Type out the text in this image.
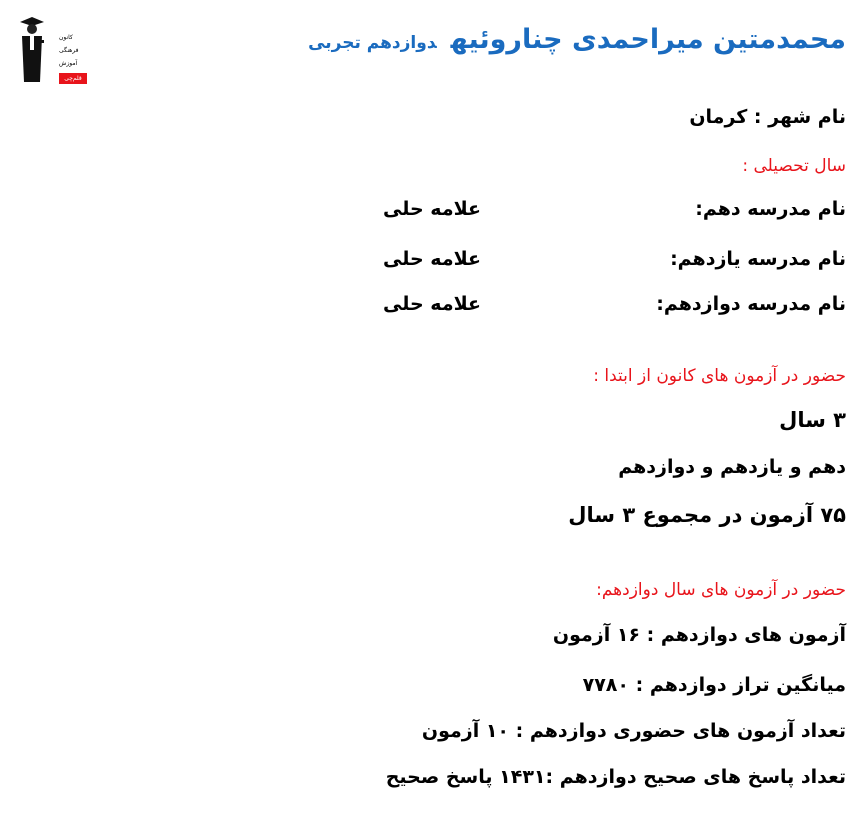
کانون
فرهنگی
آموزش
قلم‌چی
محمدمتین میراحمدی چناروئیهدوازدهم تجربی
نام شهر : کرمان
سال تحصیلی :
نام مدرسه دهم:علامه حلی
نام مدرسه یازدهم:علامه حلی
نام مدرسه دوازدهم:علامه حلی
حضور در آزمون های کانون از ابتدا :
۳ سال
دهم و یازدهم و دوازدهم
۷۵ آزمون در مجموع ۳ سال
حضور در آزمون های سال دوازدهم:
آزمون های دوازدهم : ۱۶ آزمون
میانگین تراز دوازدهم : ۷۷۸۰
تعداد آزمون های حضوری دوازدهم : ۱۰ آزمون
تعداد پاسخ های صحیح دوازدهم :۱۴۳۱ پاسخ صحیح
